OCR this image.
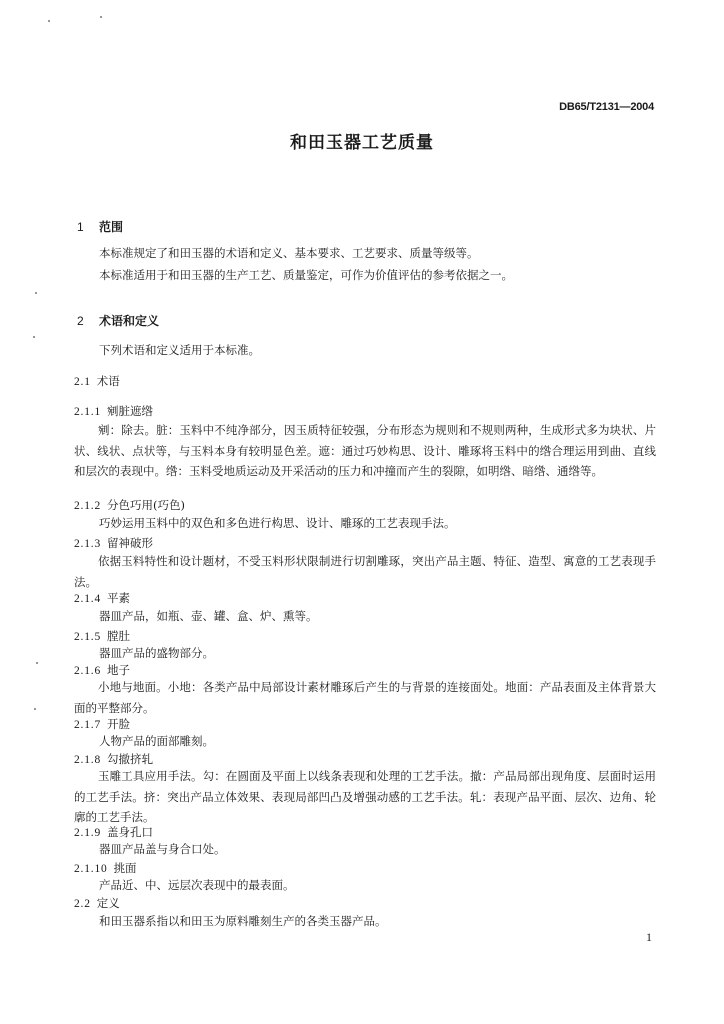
DB65/T2131—2004
和田玉器工艺质量
1 范围
本标准规定了和田玉器的术语和定义、基本要求、工艺要求、质量等级等。
本标准适用于和田玉器的生产工艺、质量鉴定，可作为价值评估的参考依据之一。
2 术语和定义
下列术语和定义适用于本标准。
2.1 术语
2.1.1 剜脏遮绺
剜：除去。脏：玉料中不纯净部分，因玉质特征较强，分布形态为规则和不规则两种，生成形式多为块状、片状、线状、点状等，与玉料本身有较明显色差。遮：通过巧妙构思、设计、雕琢将玉料中的绺合理运用到曲、直线和层次的表现中。绺：玉料受地质运动及开采活动的压力和冲撞而产生的裂隙，如明绺、暗绺、通绺等。
2.1.2 分色巧用(巧色)
巧妙运用玉料中的双色和多色进行构思、设计、雕琢的工艺表现手法。
2.1.3 留神破形
依据玉料特性和设计题材，不受玉料形状限制进行切割雕琢，突出产品主题、特征、造型、寓意的工艺表现手法。
2.1.4 平素
器皿产品，如瓶、壶、罐、盒、炉、熏等。
2.1.5 膛肚
器皿产品的盛物部分。
2.1.6 地子
小地与地面。小地：各类产品中局部设计素材雕琢后产生的与背景的连接面处。地面：产品表面及主体背景大面的平整部分。
2.1.7 开脸
人物产品的面部雕刻。
2.1.8 勾撤挤轧
玉雕工具应用手法。勾：在圆面及平面上以线条表现和处理的工艺手法。撤：产品局部出现角度、层面时运用的工艺手法。挤：突出产品立体效果、表现局部凹凸及增强动感的工艺手法。轧：表现产品平面、层次、边角、轮廓的工艺手法。
2.1.9 盖身孔口
器皿产品盖与身合口处。
2.1.10 挑面
产品近、中、远层次表现中的最表面。
2.2 定义
和田玉器系指以和田玉为原料雕刻生产的各类玉器产品。
1
